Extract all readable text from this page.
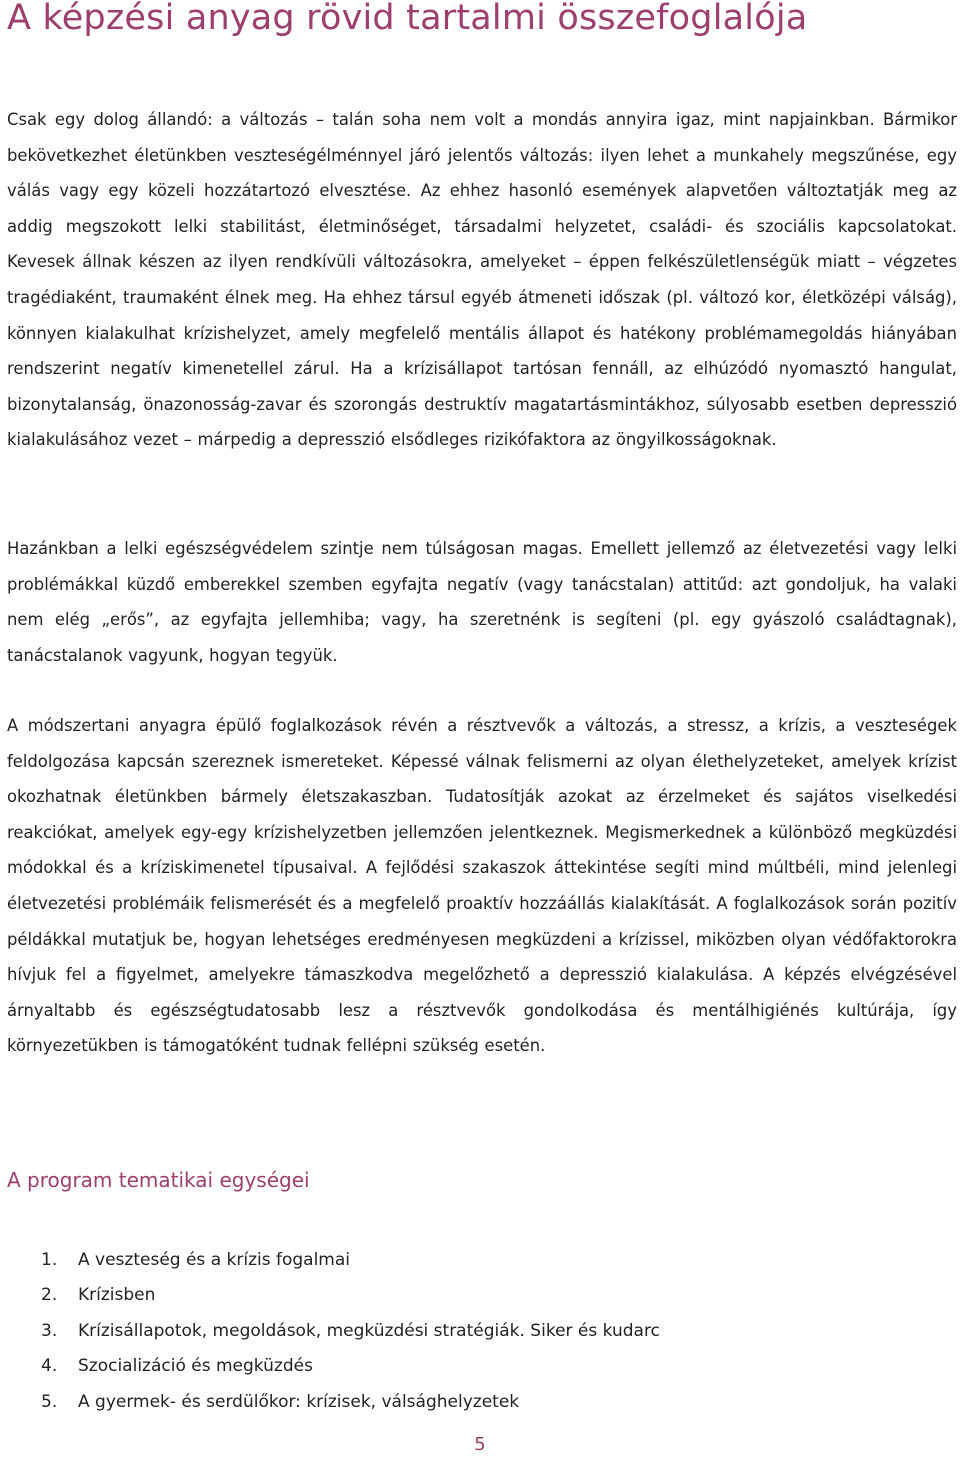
A képzési anyag rövid tartalmi összefoglalója

Csak egy dolog állandó: a változás – talán soha nem volt a mondás annyira igaz, mint napjainkban. Bármikor bekövetkezhet életünkben veszteségélménnyel járó jelentős változás: ilyen lehet a munkahely megszűnése, egy válás vagy egy közeli hozzátartozó elvesztése. Az ehhez hasonló események alapvetően változtatják meg az addig megszokott lelki stabilitást, életminőséget, társadalmi helyzetet, családi- és szociális kapcsolatokat. Kevesek állnak készen az ilyen rendkívüli változásokra, amelyeket – éppen felkészületlenségük miatt – végzetes tragédiaként, traumaként élnek meg. Ha ehhez társul egyéb átmeneti időszak (pl. változó kor, életközépi válság), könnyen kialakulhat krízishelyzet, amely megfelelő mentális állapot és hatékony problémamegoldás hiányában rendszerint negatív kimenetellel zárul. Ha a krízisállapot tartósan fennáll, az elhúzódó nyomasztó hangulat, bizonytalanság, önazonosság-zavar és szorongás destruktív magatartásmintákhoz, súlyosabb esetben depresszió kialakulásához vezet – márpedig a depresszió elsődleges rizikófaktora az öngyilkosságoknak.

Hazánkban a lelki egészségvédelem szintje nem túlságosan magas. Emellett jellemző az életvezetési vagy lelki problémákkal küzdő emberekkel szemben egyfajta negatív (vagy tanácstalan) attitűd: azt gondoljuk, ha valaki nem elég „erős”, az egyfajta jellemhiba; vagy, ha szeretnénk is segíteni (pl. egy gyászoló családtagnak), tanácstalanok vagyunk, hogyan tegyük.

A módszertani anyagra épülő foglalkozások révén a résztvevők a változás, a stressz, a krízis, a veszteségek feldolgozása kapcsán szereznek ismereteket. Képessé válnak felismerni az olyan élethelyzeteket, amelyek krízist okozhatnak életünkben bármely életszakaszban. Tudatosítják azokat az érzelmeket és sajátos viselkedési reakciókat, amelyek egy-egy krízishelyzetben jellemzően jelentkeznek. Megismerkednek a különböző megküzdési módokkal és a kríziskimenetel típusaival. A fejlődési szakaszok áttekintése segíti mind múltbéli, mind jelenlegi életvezetési problémáik felismerését és a megfelelő proaktív hozzáállás kialakítását. A foglalkozások során pozitív példákkal mutatjuk be, hogyan lehetséges eredményesen megküzdeni a krízissel, miközben olyan védőfaktorokra hívjuk fel a figyelmet, amelyekre támaszkodva megelőzhető a depresszió kialakulása. A képzés elvégzésével árnyaltabb és egészségtudatosabb lesz a résztvevők gondolkodása és mentálhigiénés kultúrája, így környezetükben is támogatóként tudnak fellépni szükség esetén.

A program tematikai egységei
1. A veszteség és a krízis fogalmai
2. Krízisben
3. Krízisállapotok, megoldások, megküzdési stratégiák. Siker és kudarc
4. Szocializáció és megküzdés
5. A gyermek- és serdülőkor: krízisek, válsághelyzetek
5
